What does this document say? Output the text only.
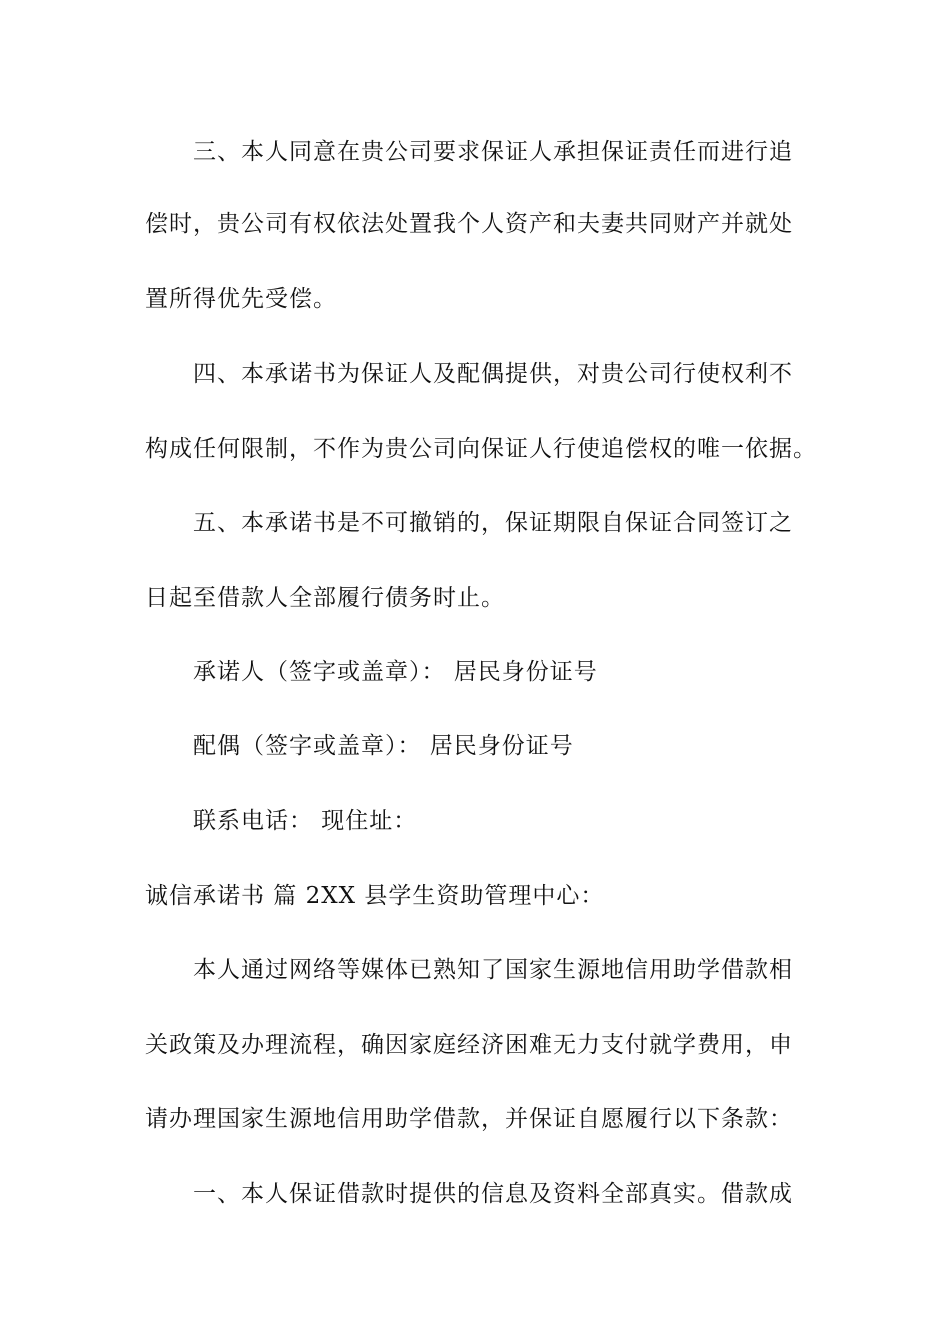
三、本人同意在贵公司要求保证人承担保证责任而进行追
偿时，贵公司有权依法处置我个人资产和夫妻共同财产并就处
置所得优先受偿。
四、本承诺书为保证人及配偶提供，对贵公司行使权利不
构成任何限制，不作为贵公司向保证人行使追偿权的唯一依据。
五、本承诺书是不可撤销的，保证期限自保证合同签订之
日起至借款人全部履行债务时止。
承诺人（签字或盖章）： 居民身份证号
配偶（签字或盖章）： 居民身份证号
联系电话： 现住址：
诚信承诺书 篇 2XX 县学生资助管理中心：
本人通过网络等媒体已熟知了国家生源地信用助学借款相
关政策及办理流程，确因家庭经济困难无力支付就学费用，申
请办理国家生源地信用助学借款，并保证自愿履行以下条款：
一、本人保证借款时提供的信息及资料全部真实。借款成
